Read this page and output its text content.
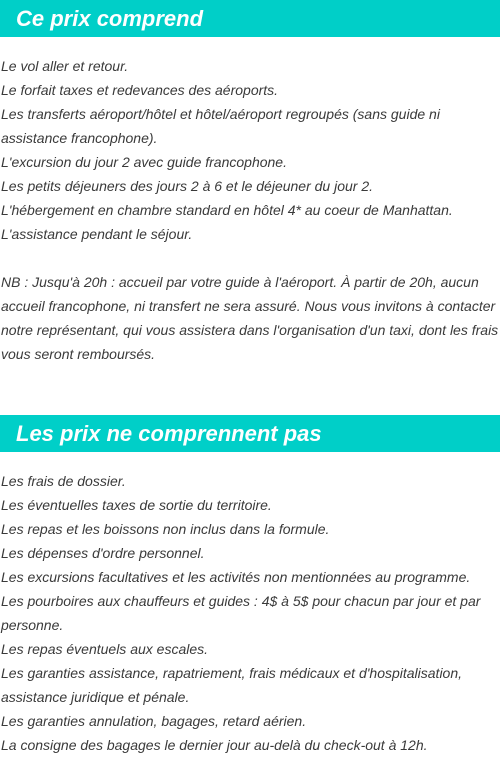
Ce prix comprend
Le vol aller et retour.
Le forfait taxes et redevances des aéroports.
Les transferts aéroport/hôtel et hôtel/aéroport regroupés (sans guide ni assistance francophone).
L'excursion du jour 2 avec guide francophone.
Les petits déjeuners des jours 2 à 6 et le déjeuner du jour 2.
L'hébergement en chambre standard en hôtel 4* au coeur de Manhattan.
L'assistance pendant le séjour.

NB : Jusqu'à 20h : accueil par votre guide à l'aéroport. À partir de 20h, aucun accueil francophone, ni transfert ne sera assuré. Nous vous invitons à contacter notre représentant, qui vous assistera dans l'organisation d'un taxi, dont les frais vous seront remboursés.

Les prix ne comprennent pas
Les frais de dossier.
Les éventuelles taxes de sortie du territoire.
Les repas et les boissons non inclus dans la formule.
Les dépenses d'ordre personnel.
Les excursions facultatives et les activités non mentionnées au programme.
Les pourboires aux chauffeurs et guides : 4$ à 5$ pour chacun par jour et par personne.
Les repas éventuels aux escales.
Les garanties assistance, rapatriement, frais médicaux et d'hospitalisation, assistance juridique et pénale.
Les garanties annulation, bagages, retard aérien.
La consigne des bagages le dernier jour au-delà du check-out à 12h.
